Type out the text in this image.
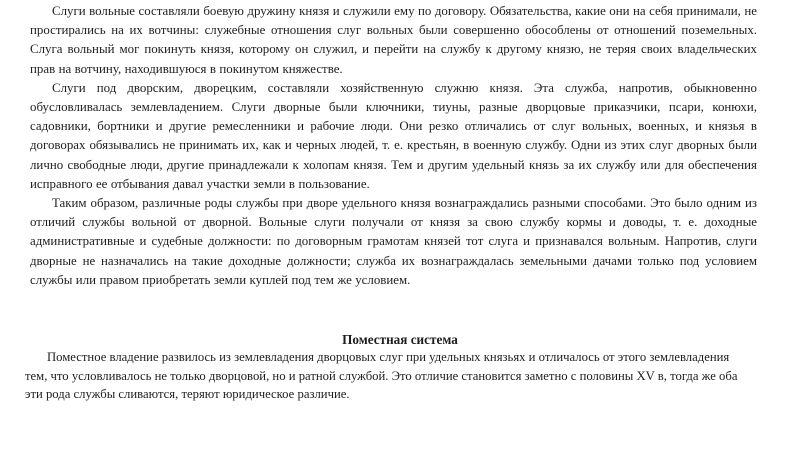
Слуги вольные составляли боевую дружину князя и служили ему по договору. Обязательства, какие они на себя принимали, не простирались на их вотчины: служебные отношения слуг вольных были совершенно обособлены от отношений поземельных. Слуга вольный мог покинуть князя, которому он служил, и перейти на службу к другому князю, не теряя своих владельческих прав на вотчину, находившуюся в покинутом княжестве.

Слуги под дворским, дворецким, составляли хозяйственную служню князя. Эта служба, напротив, обыкновенно обусловливалась землевладением. Слуги дворные были ключники, тиуны, разные дворцовые приказчики, псари, конюхи, садовники, бортники и другие ремесленники и рабочие люди. Они резко отличались от слуг вольных, военных, и князья в договорах обязывались не принимать их, как и черных людей, т. е. крестьян, в военную службу. Одни из этих слуг дворных были лично свободные люди, другие принадлежали к холопам князя. Тем и другим удельный князь за их службу или для обеспечения исправного ее отбывания давал участки земли в пользование.

Таким образом, различные роды службы при дворе удельного князя вознаграждались разными способами. Это было одним из отличий службы вольной от дворной. Вольные слуги получали от князя за свою службу кормы и доводы, т. е. доходные административные и судебные должности: по договорным грамотам князей тот слуга и признавался вольным. Напротив, слуги дворные не назначались на такие доходные должности; служба их вознаграждалась земельными дачами только под условием службы или правом приобретать земли куплей под тем же условием.

Поместная система

Поместное владение развилось из землевладения дворцовых слуг при удельных князьях и отличалось от этого землевладения тем, что условливалось не только дворцовой, но и ратной службой. Это отличие становится заметно с половины XV в, тогда же оба эти рода службы сливаются, теряют юридическое различие.
